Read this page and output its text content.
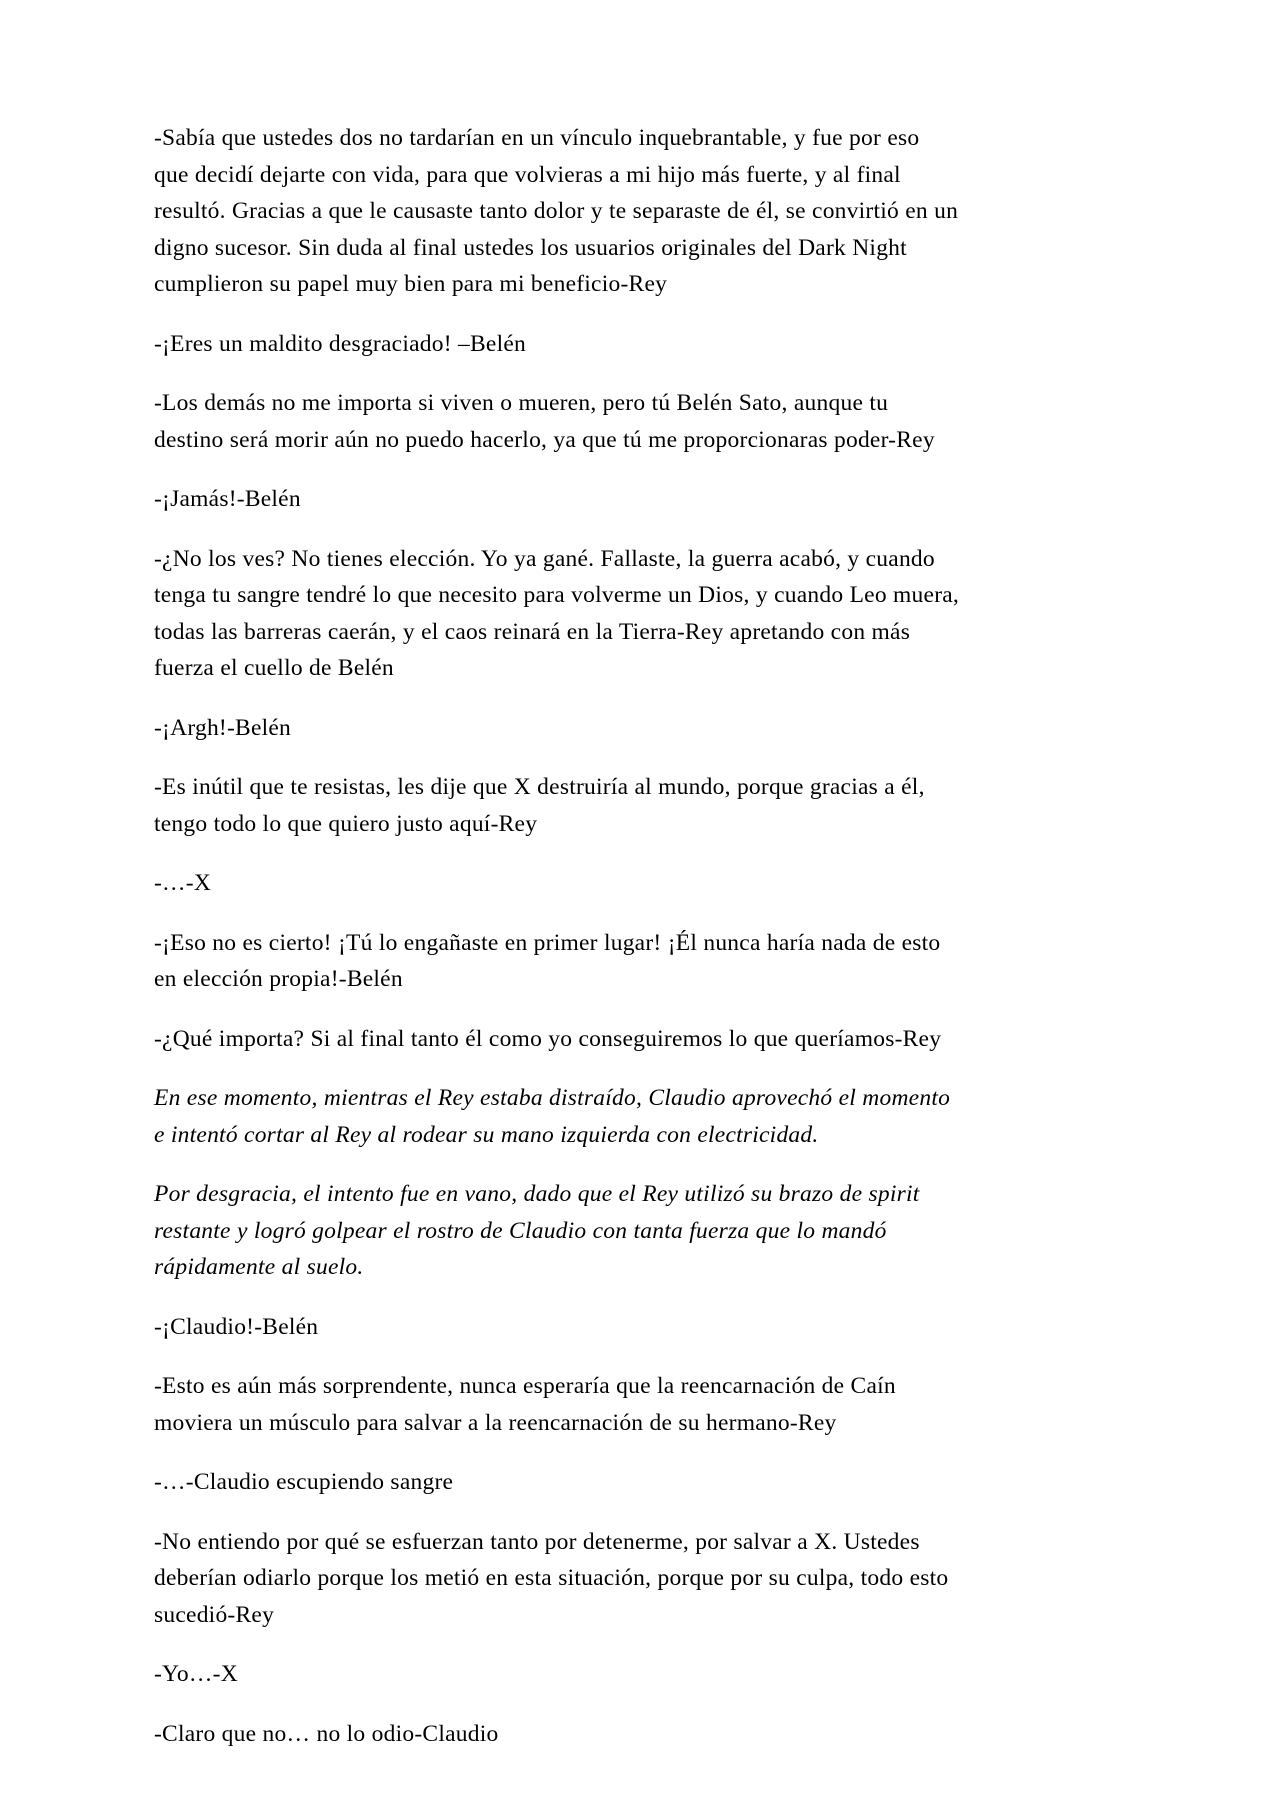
-Sabía que ustedes dos no tardarían en un vínculo inquebrantable, y fue por eso que decidí dejarte con vida, para que volvieras a mi hijo más fuerte, y al final resultó. Gracias a que le causaste tanto dolor y te separaste de él, se convirtió en un digno sucesor. Sin duda al final ustedes los usuarios originales del Dark Night cumplieron su papel muy bien para mi beneficio-Rey

-¡Eres un maldito desgraciado! –Belén

-Los demás no me importa si viven o mueren, pero tú Belén Sato, aunque tu destino será morir aún no puedo hacerlo, ya que tú me proporcionaras poder-Rey

-¡Jamás!-Belén

-¿No los ves? No tienes elección. Yo ya gané. Fallaste, la guerra acabó, y cuando tenga tu sangre tendré lo que necesito para volverme un Dios, y cuando Leo muera, todas las barreras caerán, y el caos reinará en la Tierra-Rey apretando con más fuerza el cuello de Belén

-¡Argh!-Belén

-Es inútil que te resistas, les dije que X destruiría al mundo, porque gracias a él, tengo todo lo que quiero justo aquí-Rey

-…-X

-¡Eso no es cierto! ¡Tú lo engañaste en primer lugar! ¡Él nunca haría nada de esto en elección propia!-Belén

-¿Qué importa? Si al final tanto él como yo conseguiremos lo que queríamos-Rey

En ese momento, mientras el Rey estaba distraído, Claudio aprovechó el momento e intentó cortar al Rey al rodear su mano izquierda con electricidad.

Por desgracia, el intento fue en vano, dado que el Rey utilizó su brazo de spirit restante y logró golpear el rostro de Claudio con tanta fuerza que lo mandó rápidamente al suelo.

-¡Claudio!-Belén

-Esto es aún más sorprendente, nunca esperaría que la reencarnación de Caín moviera un músculo para salvar a la reencarnación de su hermano-Rey

-…-Claudio escupiendo sangre

-No entiendo por qué se esfuerzan tanto por detenerme, por salvar a X. Ustedes deberían odiarlo porque los metió en esta situación, porque por su culpa, todo esto sucedió-Rey

-Yo…-X

-Claro que no… no lo odio-Claudio
